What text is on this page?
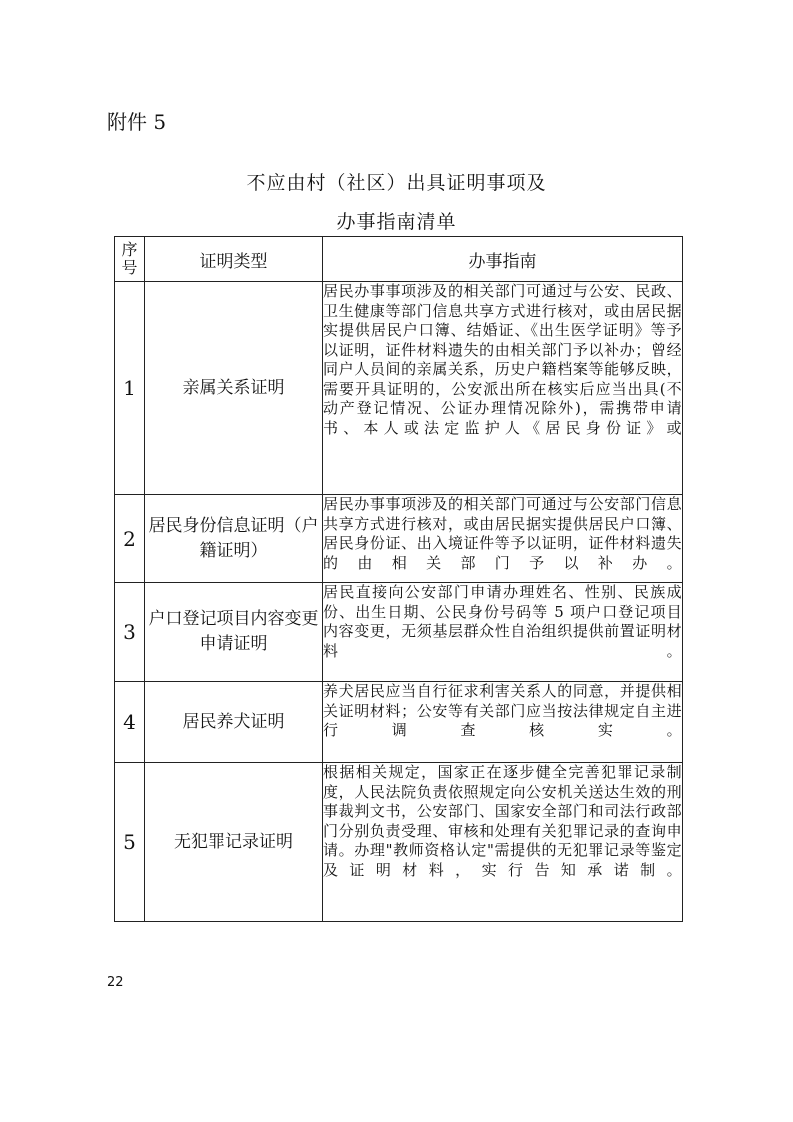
附件 5
不应由村（社区）出具证明事项及
办事指南清单
序号	证明类型	办事指南
1	亲属关系证明	居民办事事项涉及的相关部门可通过与公安、民政、卫生健康等部门信息共享方式进行核对，或由居民据实提供居民户口簿、结婚证、《出生医学证明》等予以证明，证件材料遗失的由相关部门予以补办；曾经同户人员间的亲属关系，历史户籍档案等能够反映，需要开具证明的，公安派出所在核实后应当出具(不动产登记情况、公证办理情况除外)，需携带申请书、本人或法定监护人《居民身份证》或

2	居民身份信息证明（户籍证明）	居民办事事项涉及的相关部门可通过与公安部门信息共享方式进行核对，或由居民据实提供居民户口簿、居民身份证、出入境证件等予以证明，证件材料遗失的由相关部门予以补办。

3	户口登记项目内容变更申请证明	居民直接向公安部门申请办理姓名、性别、民族成份、出生日期、公民身份号码等 5 项户口登记项目内容变更，无须基层群众性自治组织提供前置证明材料。

4	居民养犬证明	养犬居民应当自行征求利害关系人的同意，并提供相关证明材料；公安等有关部门应当按法律规定自主进行调查核实。

5	无犯罪记录证明	根据相关规定，国家正在逐步健全完善犯罪记录制度，人民法院负责依照规定向公安机关送达生效的刑事裁判文书，公安部门、国家安全部门和司法行政部门分别负责受理、审核和处理有关犯罪记录的查询申请。办理"教师资格认定"需提供的无犯罪记录等鉴定及证明材料，实行告知承诺制。
22
